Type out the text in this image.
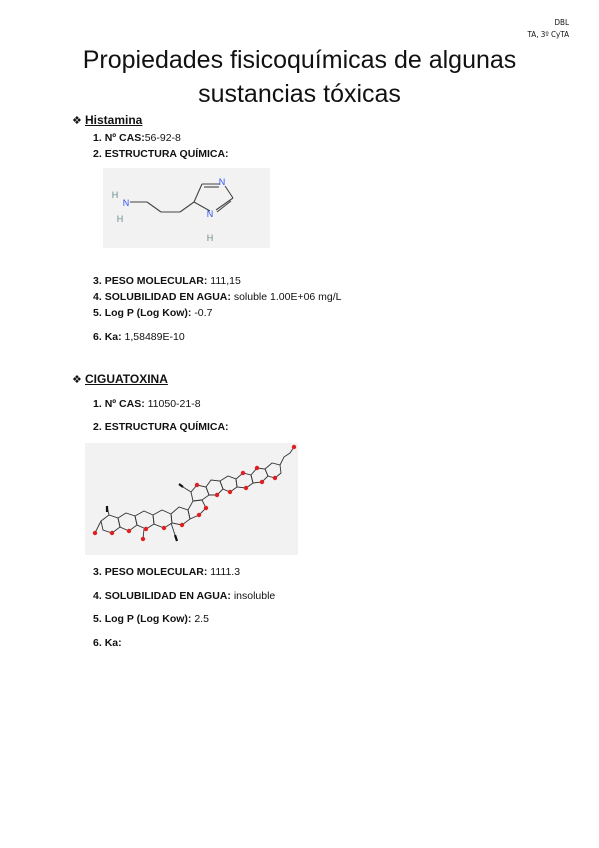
DBL
TA, 3º CyTA
Propiedades fisicoquímicas de algunas
sustancias tóxicas
❖ Histamina
1. Nº CAS:56-92-8
2. ESTRUCTURA QUÍMICA:
N
N
H
N
H
H
3. PESO MOLECULAR: 111,15
4. SOLUBILIDAD EN AGUA: soluble 1.00E+06 mg/L
5. Log P (Log Kow): -0.7
6. Ka: 1,58489E-10
❖ CIGUATOXINA
1. Nº CAS: 11050-21-8
2. ESTRUCTURA QUÍMICA:
3. PESO MOLECULAR: 1111.3
4. SOLUBILIDAD EN AGUA: insoluble
5. Log P (Log Kow): 2.5
6. Ka:
